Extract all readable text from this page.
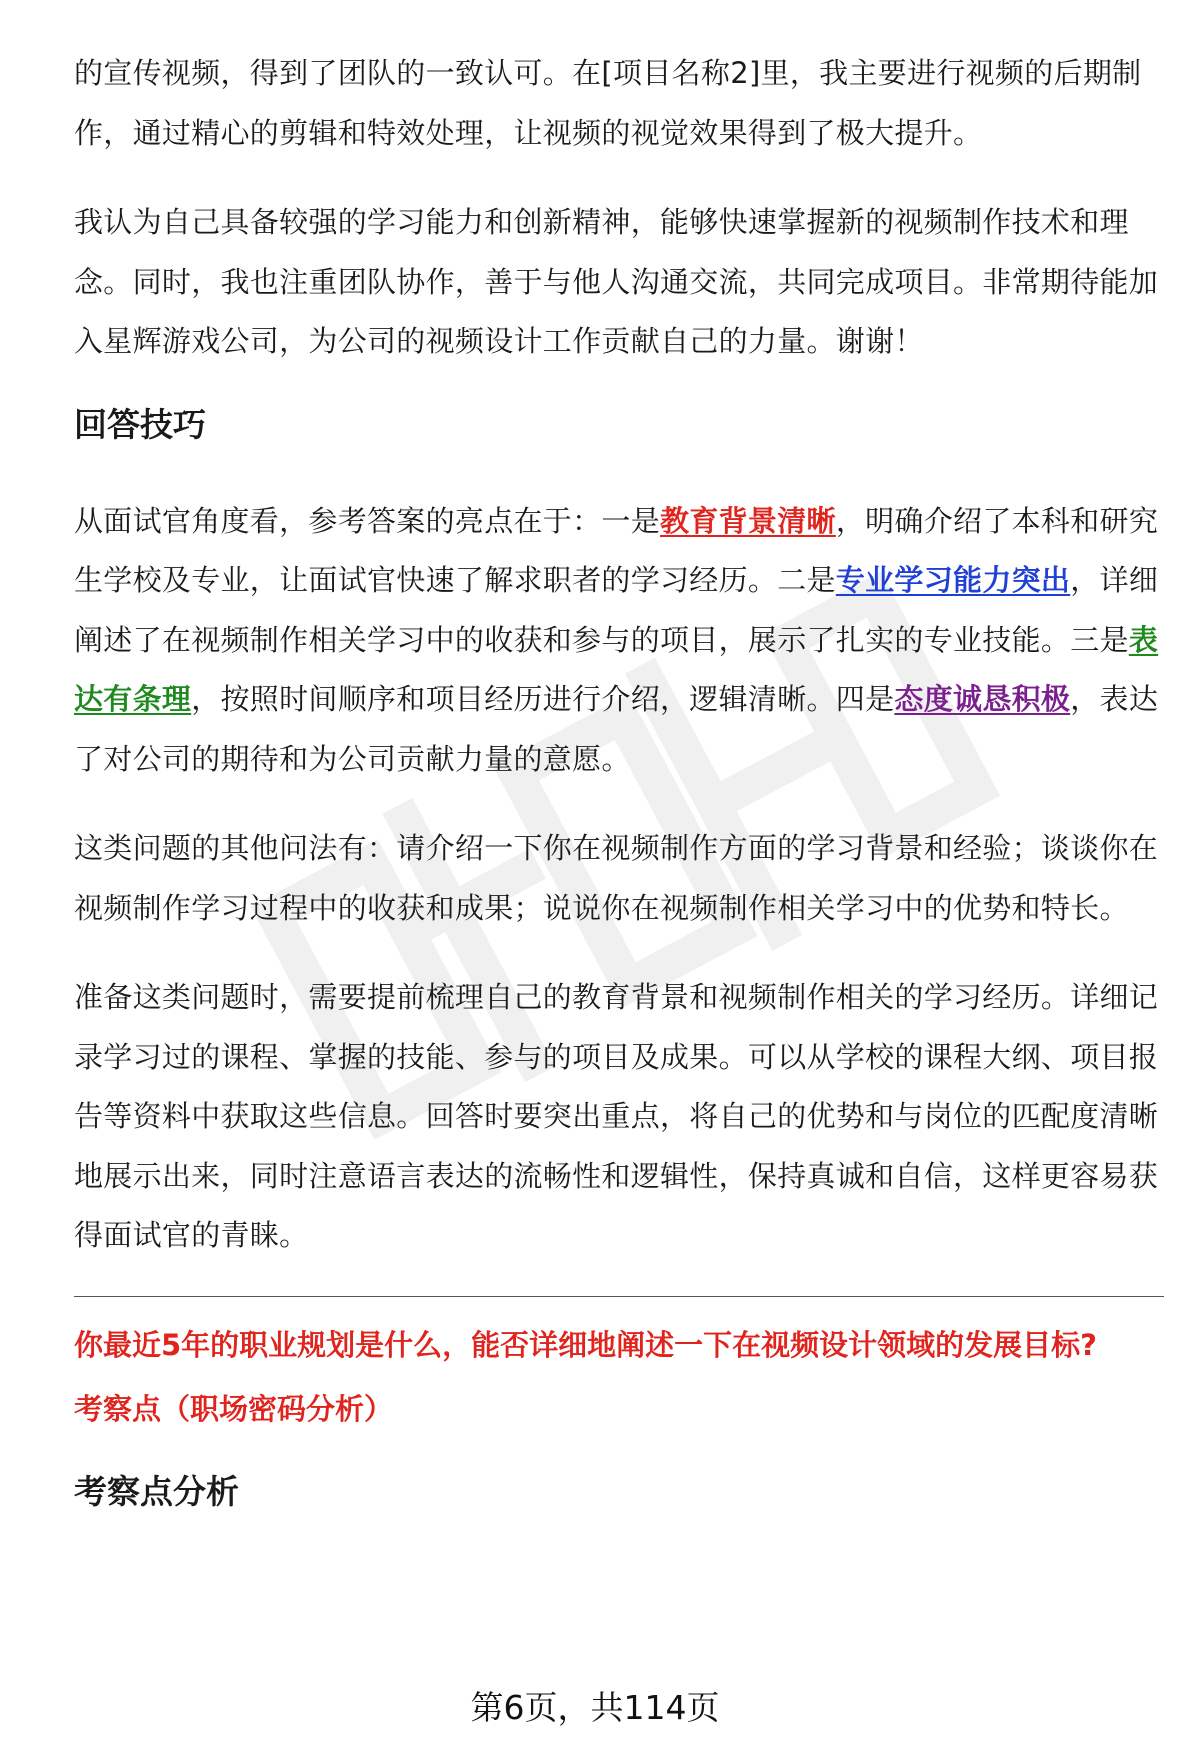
的宣传视频，得到了团队的一致认可。在[项目名称2]里，我主要进行视频的后期制作，通过精心的剪辑和特效处理，让视频的视觉效果得到了极大提升。

我认为自己具备较强的学习能力和创新精神，能够快速掌握新的视频制作技术和理念。同时，我也注重团队协作，善于与他人沟通交流，共同完成项目。非常期待能加入星辉游戏公司，为公司的视频设计工作贡献自己的力量。谢谢！

回答技巧

从面试官角度看，参考答案的亮点在于：一是教育背景清晰，明确介绍了本科和研究生学校及专业，让面试官快速了解求职者的学习经历。二是专业学习能力突出，详细阐述了在视频制作相关学习中的收获和参与的项目，展示了扎实的专业技能。三是表达有条理，按照时间顺序和项目经历进行介绍，逻辑清晰。四是态度诚恳积极，表达了对公司的期待和为公司贡献力量的意愿。

这类问题的其他问法有：请介绍一下你在视频制作方面的学习背景和经验；谈谈你在视频制作学习过程中的收获和成果；说说你在视频制作相关学习中的优势和特长。

准备这类问题时，需要提前梳理自己的教育背景和视频制作相关的学习经历。详细记录学习过的课程、掌握的技能、参与的项目及成果。可以从学校的课程大纲、项目报告等资料中获取这些信息。回答时要突出重点，将自己的优势和与岗位的匹配度清晰地展示出来，同时注意语言表达的流畅性和逻辑性，保持真诚和自信，这样更容易获得面试官的青睐。

你最近5年的职业规划是什么，能否详细地阐述一下在视频设计领域的发展目标?

考察点（职场密码分析）

考察点分析
第6页，共114页
